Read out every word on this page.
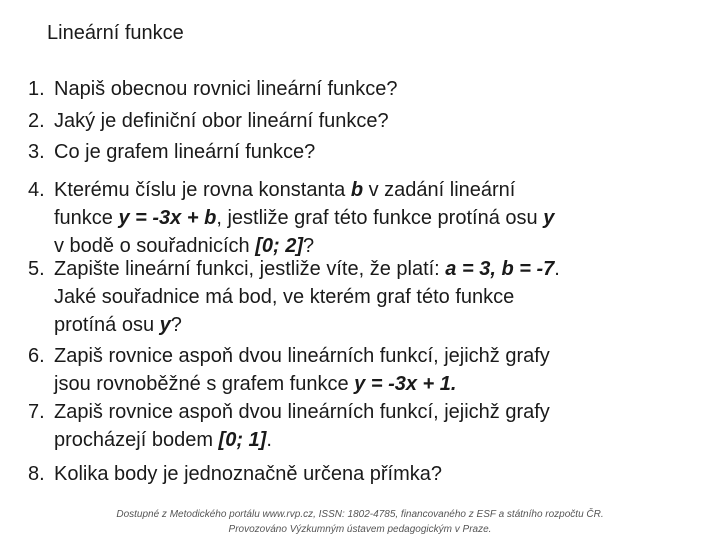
Lineární funkce
1. Napiš obecnou rovnici lineární funkce?
2. Jaký je definiční obor lineární funkce?
3. Co je grafem lineární funkce?
4. Kterému číslu je rovna konstanta b v zadání lineární
funkce y = -3x + b, jestliže graf této funkce protíná osu y
v bodě o souřadnicích [0; 2]?
5. Zapište lineární funkci, jestliže víte, že platí: a = 3, b = -7.
Jaké souřadnice má bod, ve kterém graf této funkce
protíná osu y?
6. Zapiš rovnice aspoň dvou lineárních funkcí, jejichž grafy
jsou rovnoběžné s grafem funkce y = -3x + 1.
7. Zapiš rovnice aspoň dvou lineárních funkcí, jejichž grafy
procházejí bodem [0; 1].
8. Kolika body je jednoznačně určena přímka?
Dostupné z Metodického portálu www.rvp.cz, ISSN: 1802-4785, financovaného z ESF a státního rozpočtu ČR.
Provozováno Výzkumným ústavem pedagogickým v Praze.
